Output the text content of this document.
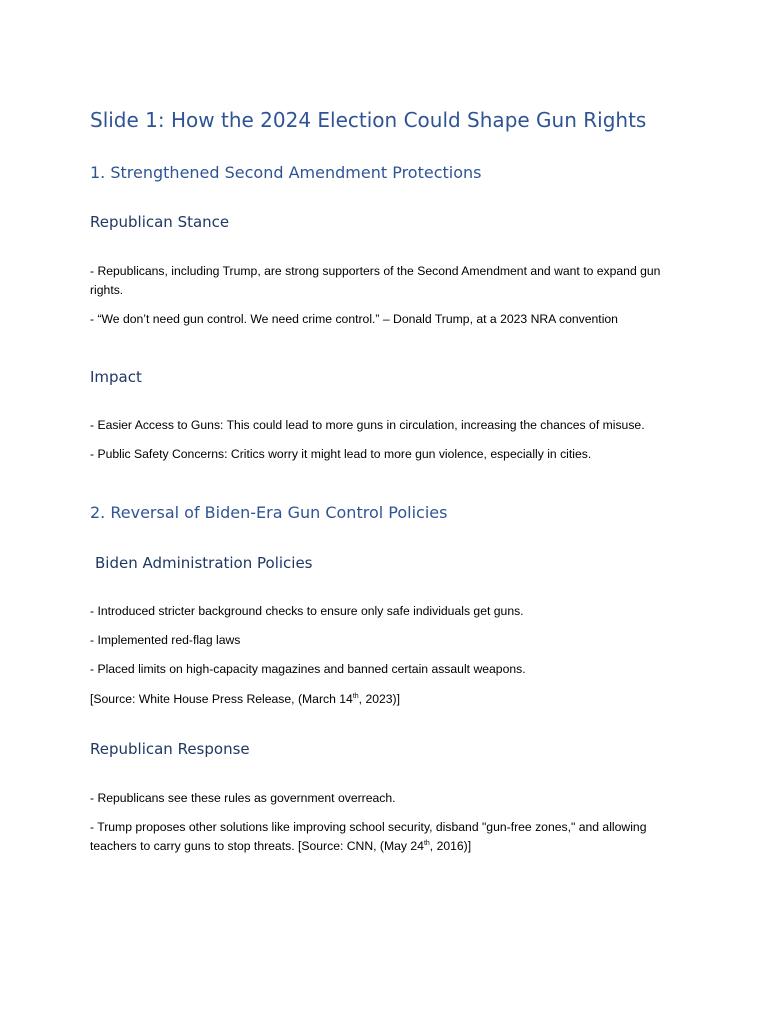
Slide 1: How the 2024 Election Could Shape Gun Rights
1. Strengthened Second Amendment Protections
Republican Stance

- Republicans, including Trump, are strong supporters of the Second Amendment and want to expand gun rights.

- “We don’t need gun control. We need crime control.” – Donald Trump, at a 2023 NRA convention

Impact

- Easier Access to Guns: This could lead to more guns in circulation, increasing the chances of misuse.

- Public Safety Concerns: Critics worry it might lead to more gun violence, especially in cities.

2. Reversal of Biden-Era Gun Control Policies
Biden Administration Policies

- Introduced stricter background checks to ensure only safe individuals get guns.

- Implemented red-flag laws

- Placed limits on high-capacity magazines and banned certain assault weapons.

[Source: White House Press Release, (March 14th, 2023)]

Republican Response

- Republicans see these rules as government overreach.

- Trump proposes other solutions like improving school security, disband "gun-free zones," and allowing teachers to carry guns to stop threats. [Source: CNN, (May 24th, 2016)]
